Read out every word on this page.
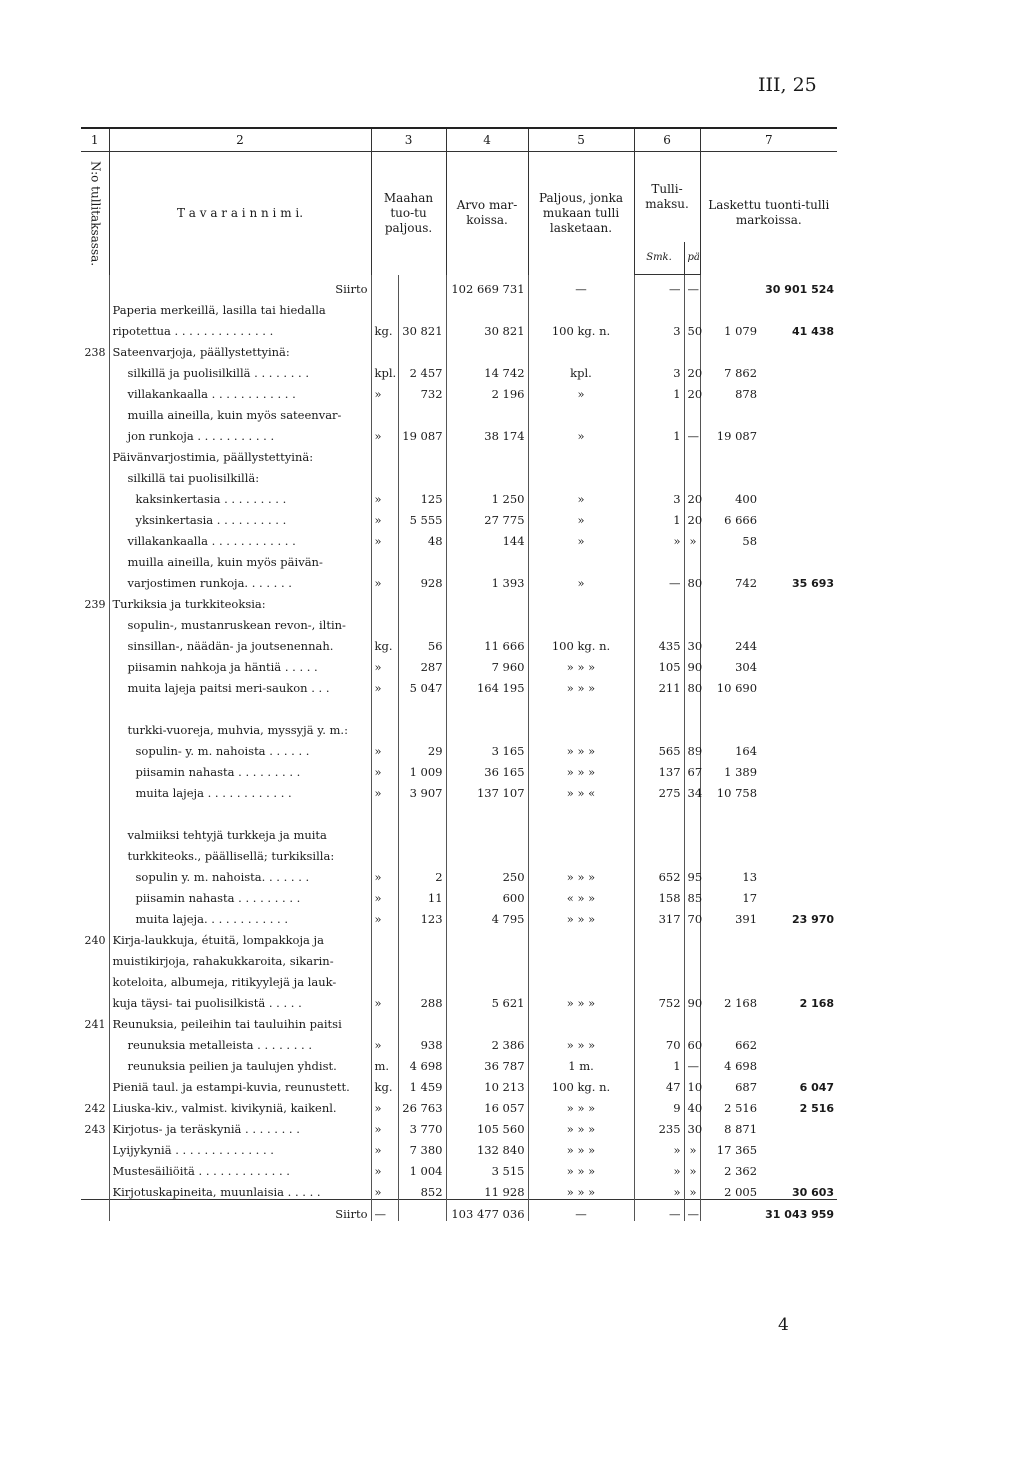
III, 25
1	2	3		4	5	6		7	

N:o tullitaksassa.	T a v a r a i n n i m i.	Maahan tuo-tu paljous.		Arvo mar-koissa.	Paljous, jonka mukaan tulli lasketaan.	Tulli-maksu.		Laskettu tuonti-tulli markoissa.	
						Smk.	pä		
	Siirto			102 669 731	—	—	—		30 901 524
	Paperia merkeillä, lasilla tai hiedalla								
	ripotettua . . . . . . . . . . . . . .	kg.	30 821	30 821	100 kg. n.	3	50	1 079	41 438
238	Sateenvarjoja, päällystettyinä:								
	silkillä ja puolisilkillä . . . . . . . .	kpl.	2 457	14 742	kpl.	3	20	7 862	
	villakankaalla . . . . . . . . . . . .	»	732	2 196	»	1	20	878	
	muilla aineilla, kuin myös sateenvar-								
	jon runkoja . . . . . . . . . . .	»	19 087	38 174	»	1	—	19 087	
	Päivänvarjostimia, päällystettyinä:								
	silkillä tai puolisilkillä:								
	kaksinkertasia . . . . . . . . .	»	125	1 250	»	3	20	400	
	yksinkertasia . . . . . . . . . .	»	5 555	27 775	»	1	20	6 666	
	villakankaalla . . . . . . . . . . . .	»	48	144	»	»	»	58	
	muilla aineilla, kuin myös päivän-								
	varjostimen runkoja. . . . . . .	»	928	1 393	»	—	80	742	35 693
239	Turkiksia ja turkkiteoksia:								
	sopulin-, mustanruskean revon-, iltin-								
	sinsillan-, näädän- ja joutsenennah.	kg.	56	11 666	100 kg. n.	435	30	244	
	piisamin nahkoja ja häntiä . . . . .	»	287	7 960	» » »	105	90	304	
	muita lajeja paitsi meri-saukon . . .	»	5 047	164 195	» » »	211	80	10 690	

	turkki-vuoreja, muhvia, myssyjä y. m.:								
	sopulin- y. m. nahoista . . . . . .	»	29	3 165	» » »	565	89	164	
	piisamin nahasta . . . . . . . . .	»	1 009	36 165	» » »	137	67	1 389	
	muita lajeja . . . . . . . . . . . .	»	3 907	137 107	» » «	275	34	10 758	

	valmiiksi tehtyjä turkkeja ja muita								
	turkkiteoks., päällisellä; turkiksilla:								
	sopulin y. m. nahoista. . . . . . .	»	2	250	» » »	652	95	13	
	piisamin nahasta . . . . . . . . .	»	11	600	« » »	158	85	17	
	muita lajeja. . . . . . . . . . . .	»	123	4 795	» » »	317	70	391	23 970
240	Kirja-laukkuja, étuitä, lompakkoja ja								
	muistikirjoja, rahakukkaroita, sikarin-								
	koteloita, albumeja, ritikyylejä ja lauk-								
	kuja täysi- tai puolisilkistä . . . . .	»	288	5 621	» » »	752	90	2 168	2 168
241	Reunuksia, peileihin tai tauluihin paitsi								
	reunuksia metalleista . . . . . . . .	»	938	2 386	» » »	70	60	662	
	reunuksia peilien ja taulujen yhdist.	m.	4 698	36 787	1 m.	1	—	4 698	
	Pieniä taul. ja estampi-kuvia, reunustett.	kg.	1 459	10 213	100 kg. n.	47	10	687	6 047
242	Liuska-kiv., valmist. kivikyniä, kaikenl.	»	26 763	16 057	» » »	9	40	2 516	2 516
243	Kirjotus- ja teräskyniä . . . . . . . .	»	3 770	105 560	» » »	235	30	8 871	
	Lyijykyniä . . . . . . . . . . . . . .	»	7 380	132 840	» » »	»	»	17 365	
	Mustesäiliöitä . . . . . . . . . . . . .	»	1 004	3 515	» » »	»	»	2 362	
	Kirjotuskapineita, muunlaisia . . . . .	»	852	11 928	» » »	»	»	2 005	30 603
	Siirto	—		103 477 036	—	—	—		31 043 959
4
